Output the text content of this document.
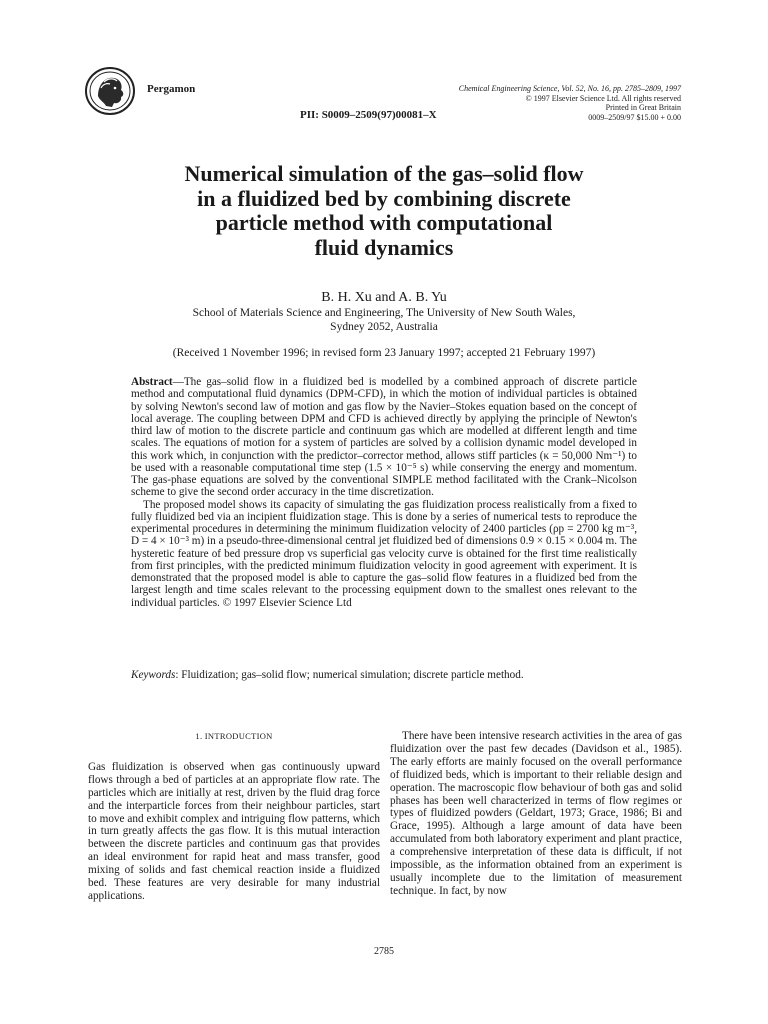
Pergamon	Chemical Engineering Science, Vol. 52, No. 16, pp. 2785–2809, 1997
© 1997 Elsevier Science Ltd. All rights reserved
Printed in Great Britain
0009–2509/97 $15.00 + 0.00
PII: S0009–2509(97)00081–X
Numerical simulation of the gas–solid flow
in a fluidized bed by combining discrete
particle method with computational
fluid dynamics
B. H. Xu and A. B. Yu
School of Materials Science and Engineering, The University of New South Wales,
Sydney 2052, Australia
(Received 1 November 1996; in revised form 23 January 1997; accepted 21 February 1997)

Abstract—The gas–solid flow in a fluidized bed is modelled by a combined approach of discrete particle method and computational fluid dynamics (DPM-CFD), in which the motion of individual particles is obtained by solving Newton's second law of motion and gas flow by the Navier–Stokes equation based on the concept of local average. The coupling between DPM and CFD is achieved directly by applying the principle of Newton's third law of motion to the discrete particle and continuum gas which are modelled at different length and time scales. The equations of motion for a system of particles are solved by a collision dynamic model developed in this work which, in conjunction with the predictor–corrector method, allows stiff particles (κ = 50,000 Nm⁻¹) to be used with a reasonable computational time step (1.5 × 10⁻⁵ s) while conserving the energy and momentum. The gas-phase equations are solved by the conventional SIMPLE method facilitated with the Crank–Nicolson scheme to give the second order accuracy in the time discretization.

The proposed model shows its capacity of simulating the gas fluidization process realistically from a fixed to fully fluidized bed via an incipient fluidization stage. This is done by a series of numerical tests to reproduce the experimental procedures in determining the minimum fluidization velocity of 2400 particles (ρp = 2700 kg m⁻³, D = 4 × 10⁻³ m) in a pseudo-three-dimensional central jet fluidized bed of dimensions 0.9 × 0.15 × 0.004 m. The hysteretic feature of bed pressure drop vs superficial gas velocity curve is obtained for the first time realistically from first principles, with the predicted minimum fluidization velocity in good agreement with experiment. It is demonstrated that the proposed model is able to capture the gas–solid flow features in a fluidized bed from the largest length and time scales relevant to the processing equipment down to the smallest ones relevant to the individual particles. © 1997 Elsevier Science Ltd

Keywords: Fluidization; gas–solid flow; numerical simulation; discrete particle method.

1. INTRODUCTION

Gas fluidization is observed when gas continuously upward flows through a bed of particles at an appropriate flow rate. The particles which are initially at rest, driven by the fluid drag force and the interparticle forces from their neighbour particles, start to move and exhibit complex and intriguing flow patterns, which in turn greatly affects the gas flow. It is this mutual interaction between the discrete particles and continuum gas that provides an ideal environment for rapid heat and mass transfer, good mixing of solids and fast chemical reaction inside a fluidized bed. These features are very desirable for many industrial applications.

There have been intensive research activities in the area of gas fluidization over the past few decades (Davidson et al., 1985). The early efforts are mainly focused on the overall performance of fluidized beds, which is important to their reliable design and operation. The macroscopic flow behaviour of both gas and solid phases has been well characterized in terms of flow regimes or types of fluidized powders (Geldart, 1973; Grace, 1986; Bi and Grace, 1995). Although a large amount of data have been accumulated from both laboratory experiment and plant practice, a comprehensive interpretation of these data is difficult, if not impossible, as the information obtained from an experiment is usually incomplete due to the limitation of measurement technique. In fact, by now

2785
